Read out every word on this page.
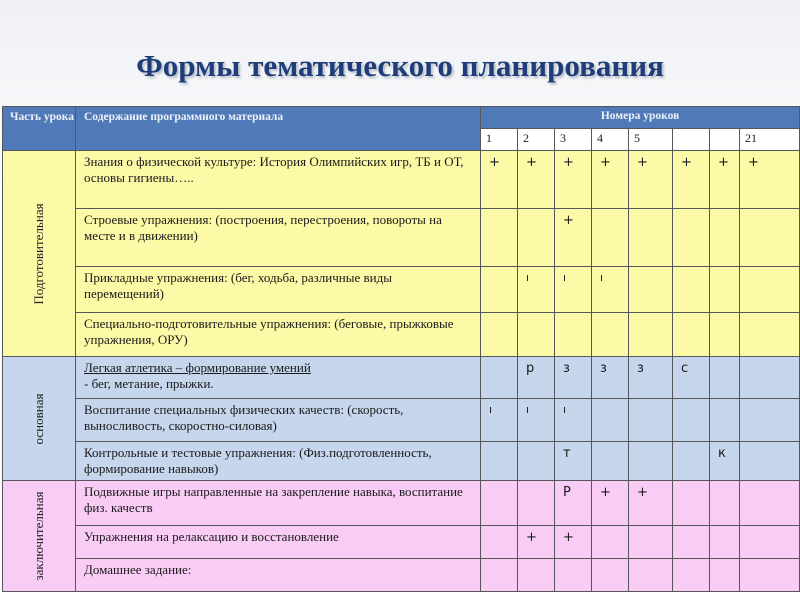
Формы тематического планирования
Часть урока	Содержание программного материала	Номера уроков							
		1	2	3	4	5			21

Подготовительная	Знания о физической культуре: История Олимпийских игр, ТБ и ОТ, основы гигиены…..	+	+	+	+	+	+	+	+

	Строевые упражнения: (построения, перестроения, повороты на месте и в движении)			+					

	Прикладные упражнения: (бег, ходьба, различные виды перемещений)		ı	ı	ı				

	Специально-подготовительные упражнения: (беговые, прыжковые упражнения, ОРУ)								

основная	Легкая атлетика – формирование умений
- бег, метание, прыжки.		р	з	з	з	с		

	Воспитание специальных физических качеств: (скорость, выносливость, скоростно-силовая)	ı	ı	ı					

	Контрольные и тестовые упражнения: (Физ.подготовленность, формирование навыков)			т				к	

заключительная	Подвижные игры направленные на закрепление навыка, воспитание физ. качеств			Р	+	+			

	Упражнения на релаксацию и восстановление		+	+					

	Домашнее задание:								
